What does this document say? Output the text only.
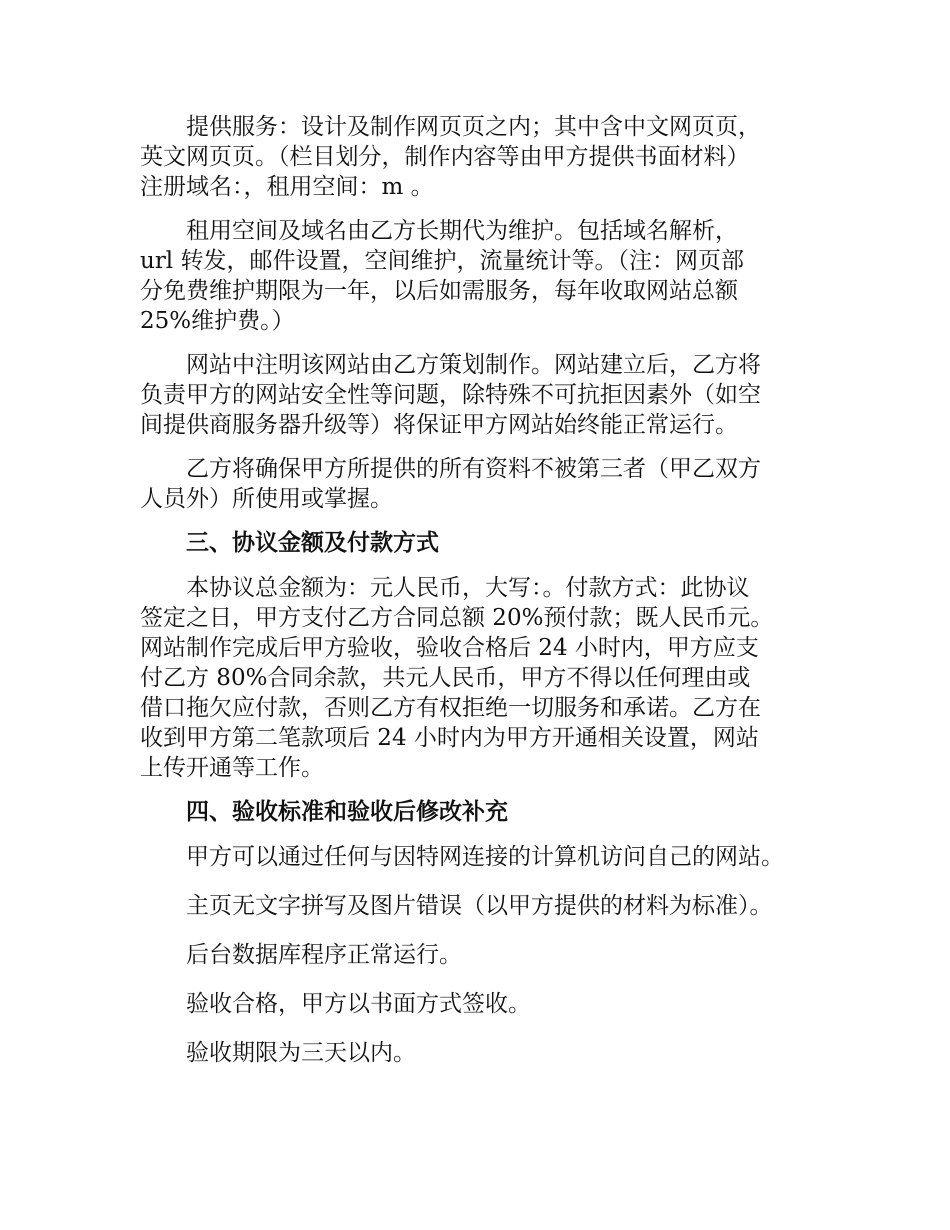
提供服务：设计及制作网页页之内；其中含中文网页页，
英文网页页。（栏目划分，制作内容等由甲方提供书面材料）
注册域名：，租用空间：m 。

租用空间及域名由乙方长期代为维护。包括域名解析，
url 转发，邮件设置，空间维护，流量统计等。（注：网页部
分免费维护期限为一年，以后如需服务，每年收取网站总额
25%维护费。）

网站中注明该网站由乙方策划制作。网站建立后，乙方将
负责甲方的网站安全性等问题，除特殊不可抗拒因素外（如空
间提供商服务器升级等）将保证甲方网站始终能正常运行。

乙方将确保甲方所提供的所有资料不被第三者（甲乙双方
人员外）所使用或掌握。

三、协议金额及付款方式

本协议总金额为：元人民币，大写：。付款方式：此协议
签定之日，甲方支付乙方合同总额 20%预付款；既人民币元。
网站制作完成后甲方验收，验收合格后 24 小时内，甲方应支
付乙方 80%合同余款，共元人民币，甲方不得以任何理由或
借口拖欠应付款，否则乙方有权拒绝一切服务和承诺。乙方在
收到甲方第二笔款项后 24 小时内为甲方开通相关设置，网站
上传开通等工作。

四、验收标准和验收后修改补充

甲方可以通过任何与因特网连接的计算机访问自己的网站。

主页无文字拼写及图片错误（以甲方提供的材料为标准）。

后台数据库程序正常运行。

验收合格，甲方以书面方式签收。

验收期限为三天以内。
